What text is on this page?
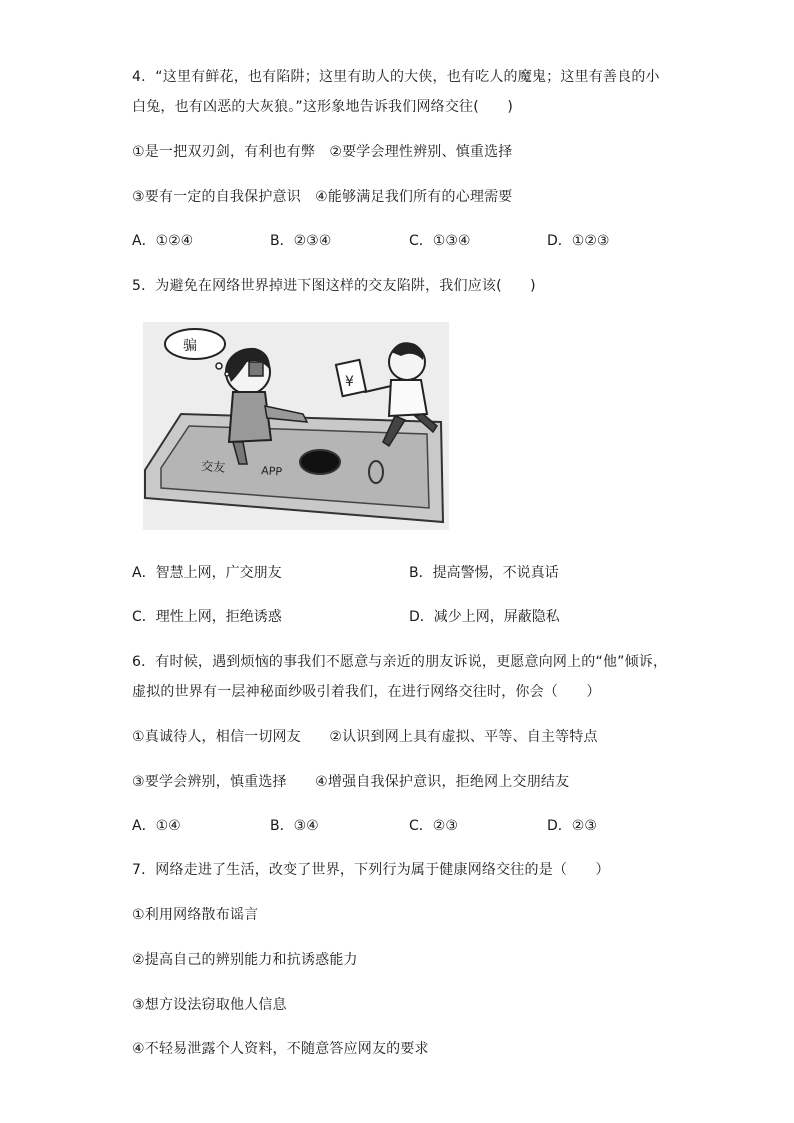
4．“这里有鲜花，也有陷阱；这里有助人的大侠，也有吃人的魔鬼；这里有善良的小
白兔，也有凶恶的大灰狼。”这形象地告诉我们网络交往(　　)
①是一把双刃剑，有利也有弊　②要学会理性辨别、慎重选择
③要有一定的自我保护意识　④能够满足我们所有的心理需要
A．①②④	B．②③④	C．①③④	D．①②③
5．为避免在网络世界掉进下图这样的交友陷阱，我们应该(　　)
¥
骗
交友	APP
A．智慧上网，广交朋友	B．提高警惕，不说真话
C．理性上网，拒绝诱惑	D．减少上网，屏蔽隐私
6．有时候，遇到烦恼的事我们不愿意与亲近的朋友诉说，更愿意向网上的“他”倾诉，
虚拟的世界有一层神秘面纱吸引着我们，在进行网络交往时，你会（　　）
①真诚待人，相信一切网友　　②认识到网上具有虚拟、平等、自主等特点
③要学会辨别，慎重选择　　④增强自我保护意识，拒绝网上交朋结友
A．①④	B．③④	C．②③	D．②③
7．网络走进了生活，改变了世界，下列行为属于健康网络交往的是（　　）
①利用网络散布谣言
②提高自己的辨别能力和抗诱惑能力
③想方设法窃取他人信息
④不轻易泄露个人资料，不随意答应网友的要求
